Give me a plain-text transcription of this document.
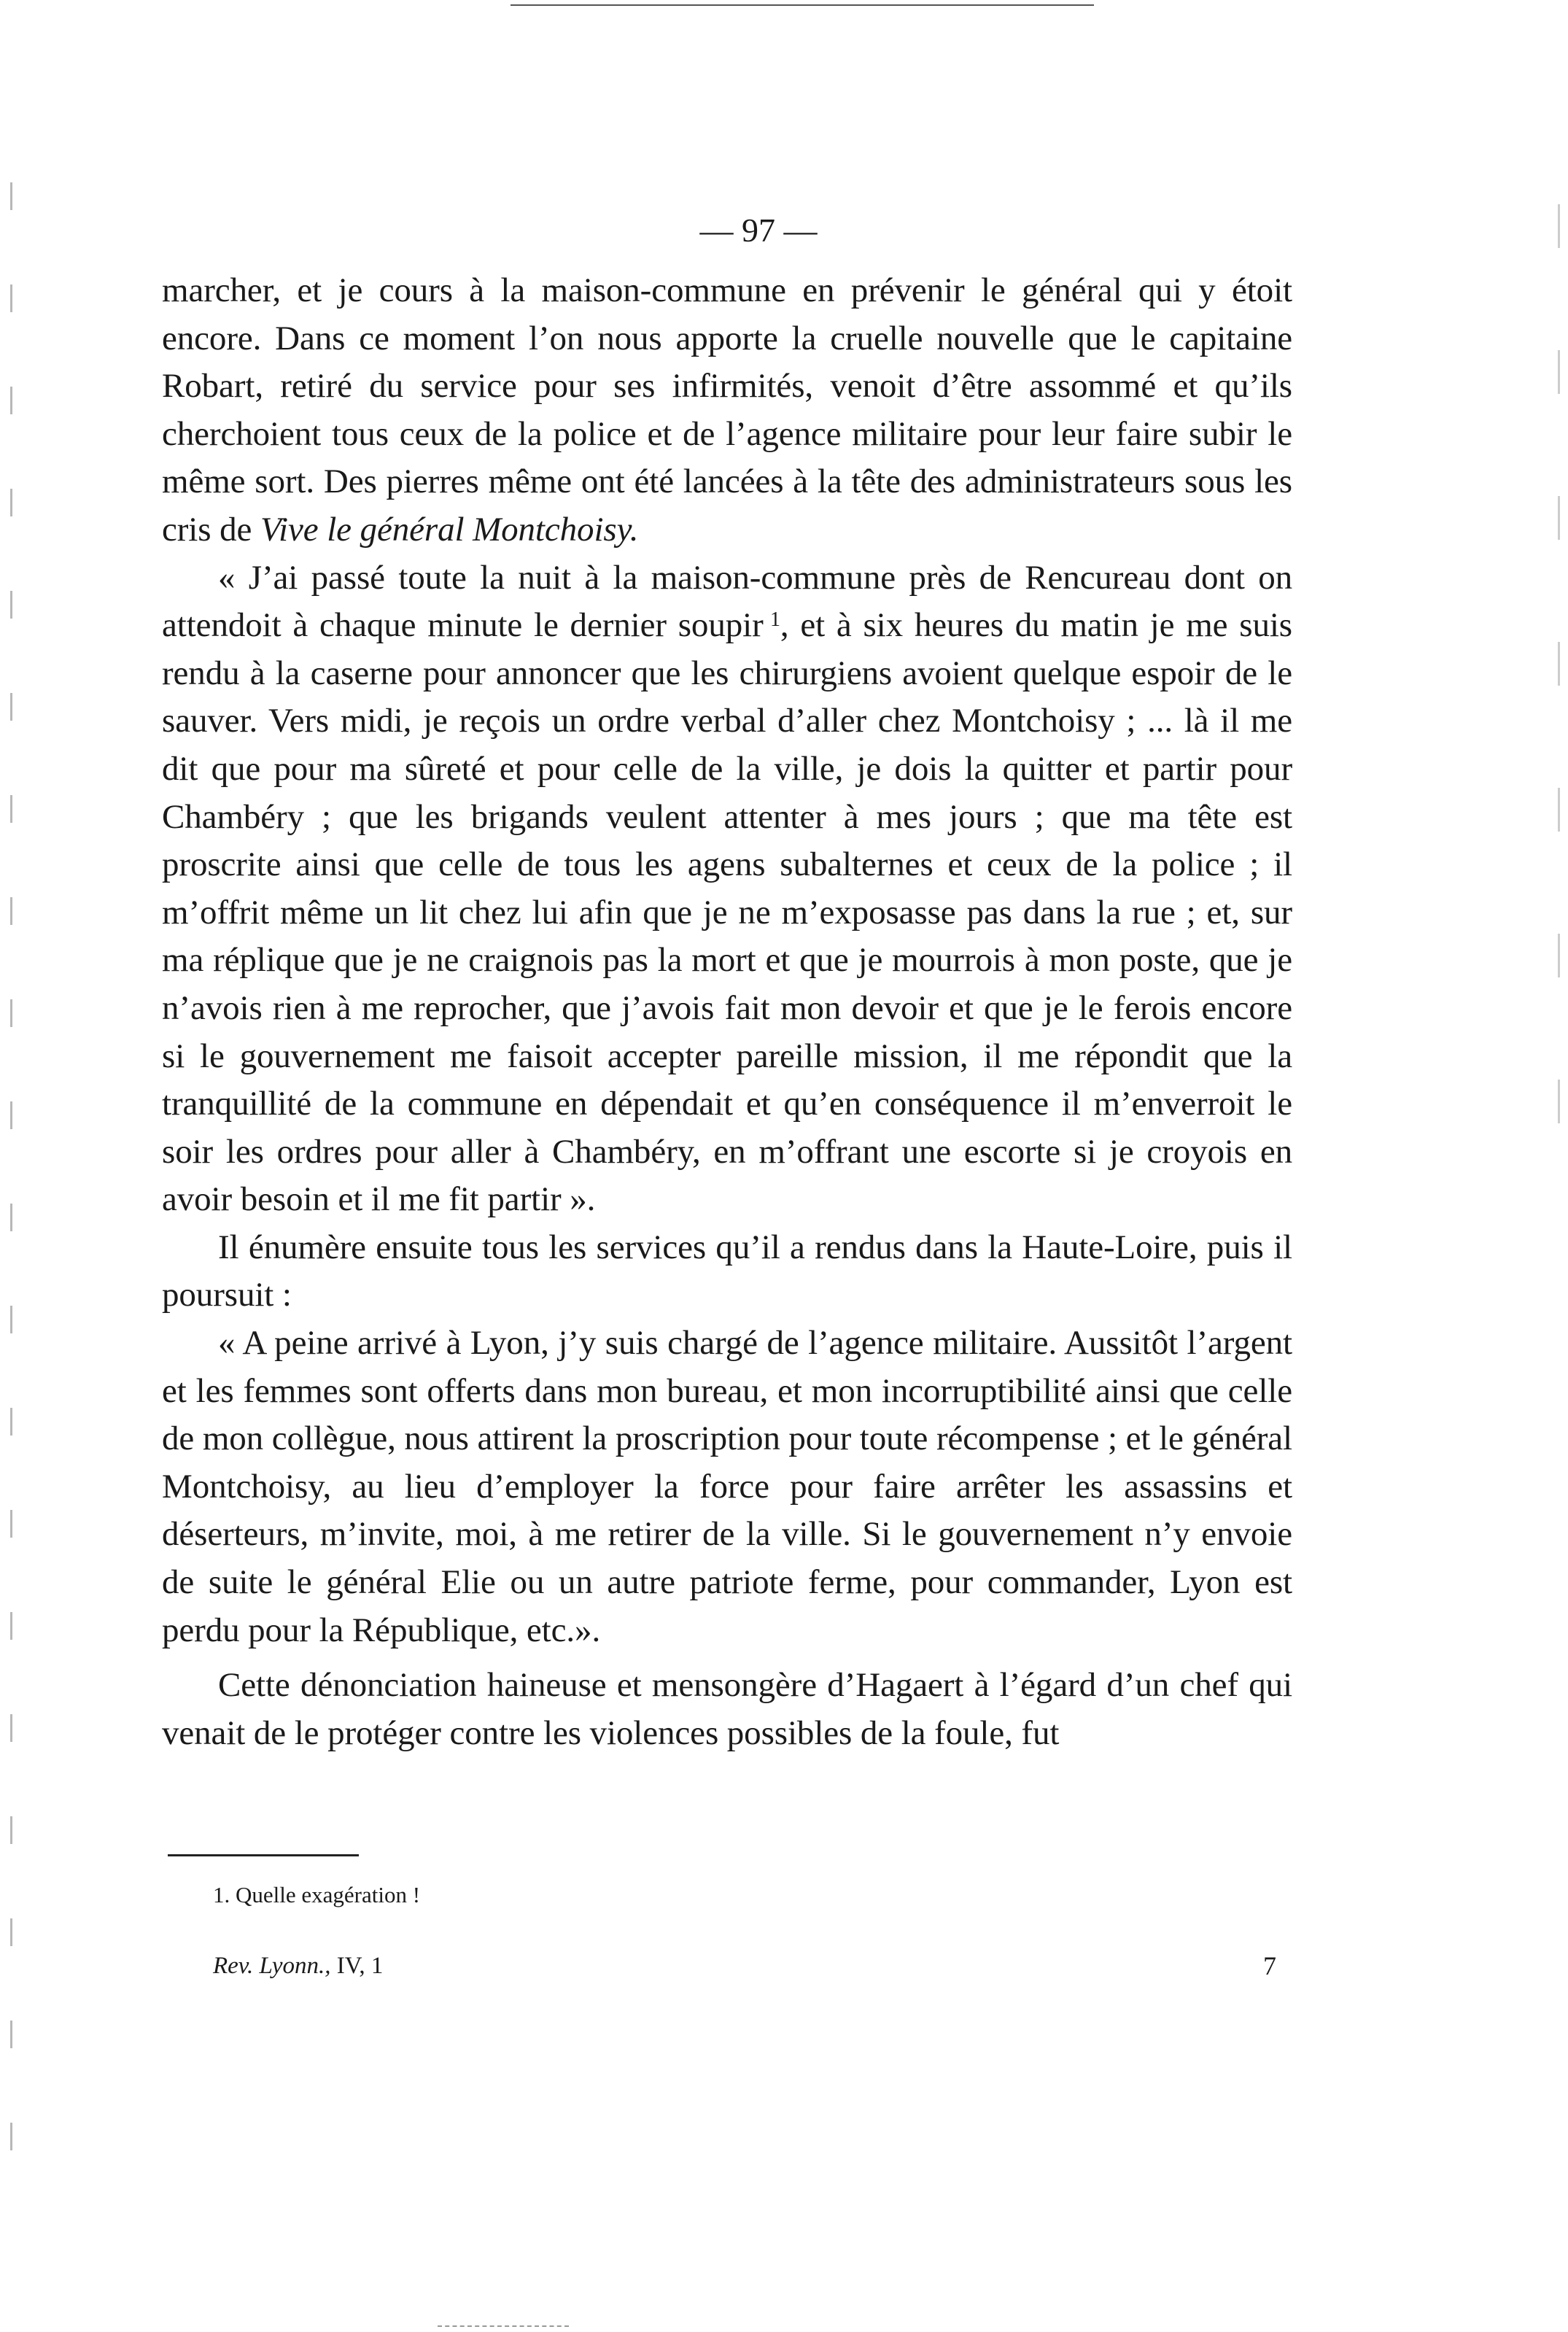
— 97 —

marcher, et je cours à la maison-commune en prévenir le général qui y étoit encore. Dans ce moment l’on nous apporte la cruelle nouvelle que le capitaine Robart, retiré du service pour ses infirmités, venoit d’être assommé et qu’ils cherchoient tous ceux de la police et de l’agence militaire pour leur faire subir le même sort. Des pierres même ont été lancées à la tête des administrateurs sous les cris de Vive le général Montchoisy.

« J’ai passé toute la nuit à la maison-commune près de Rencureau dont on attendoit à chaque minute le dernier soupir  $^1$, et à six heures du matin je me suis rendu à la caserne pour annoncer que les chirurgiens avoient quelque espoir de le sauver. Vers midi, je reçois un ordre verbal d’aller chez Montchoisy ; ... là il me dit que pour ma sûreté et pour celle de la ville, je dois la quitter et partir pour Chambéry ; que les brigands veulent attenter à mes jours ; que ma tête est proscrite ainsi que celle de tous les agens subalternes et ceux de la police ; il m’offrit même un lit chez lui afin que je ne m’exposasse pas dans la rue ; et, sur ma réplique que je ne craignois pas la mort et que je mourrois à mon poste, que je n’avois rien à me reprocher, que j’avois fait mon devoir et que je le ferois encore si le gouvernement me faisoit accepter pareille mission, il me répondit que la tranquillité de la commune en dépendait et qu’en conséquence il m’enverroit le soir les ordres pour aller à Chambéry, en m’offrant une escorte si je croyois en avoir besoin et il me fit partir ».

Il énumère ensuite tous les services qu’il a rendus dans la Haute-Loire, puis il poursuit :

« A peine arrivé à Lyon, j’y suis chargé de l’agence militaire. Aussitôt l’argent et les femmes sont offerts dans mon bureau, et mon incorruptibilité ainsi que celle de mon collègue, nous attirent la proscription pour toute récompense ; et le général Montchoisy, au lieu d’employer la force pour faire arrêter les assassins et déserteurs, m’invite, moi, à me retirer de la ville. Si le gouvernement n’y envoie de suite le général Elie ou un autre patriote ferme, pour commander, Lyon est perdu pour la République, etc.».

Cette dénonciation haineuse et mensongère d’Hagaert à l’égard d’un chef qui venait de le protéger contre les violences possibles de la foule, fut

1. Quelle exagération !
Rev. Lyonn., IV, 1	7
